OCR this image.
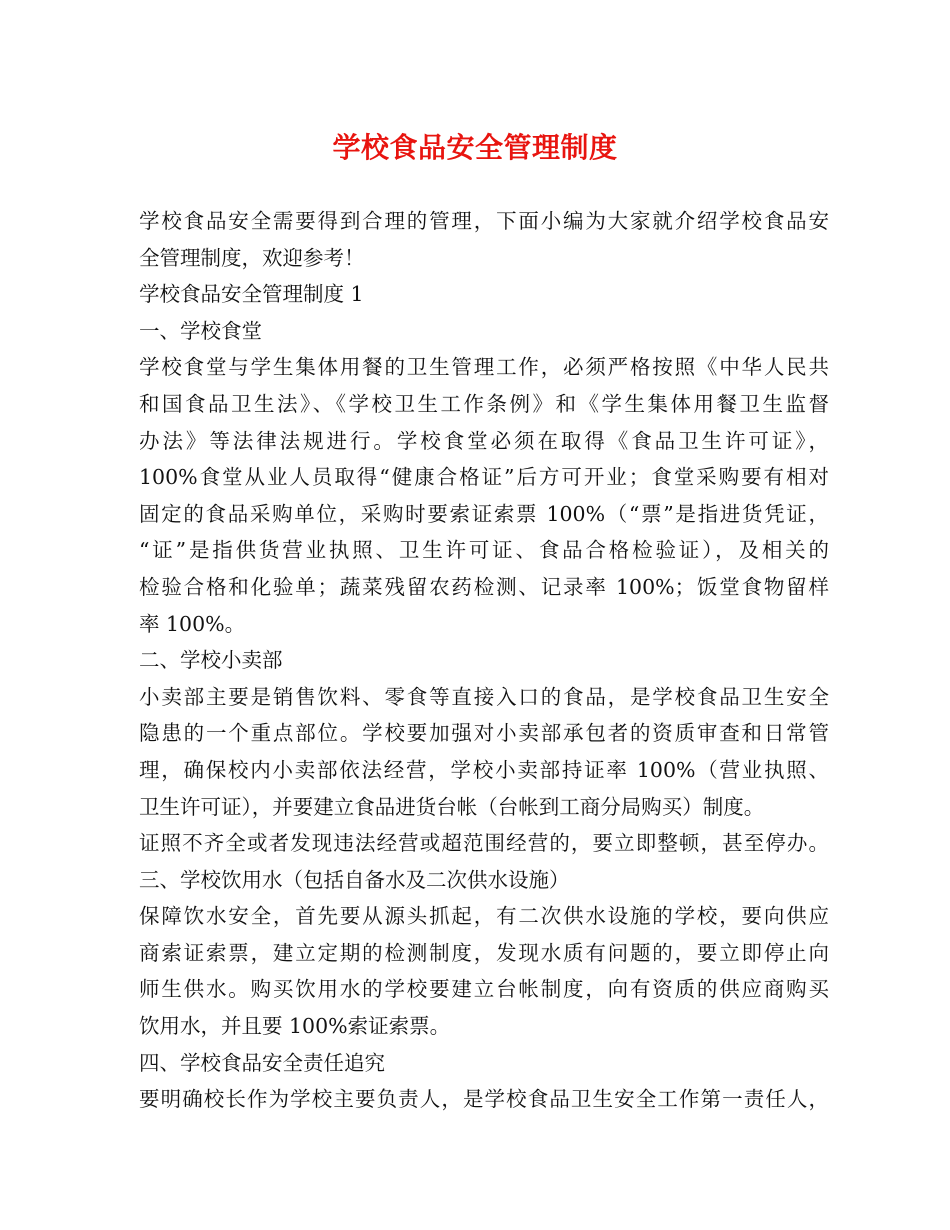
学校食品安全管理制度
学校食品安全需要得到合理的管理，下面小编为大家就介绍学校食品安
全管理制度，欢迎参考！
学校食品安全管理制度 1
一、学校食堂
学校食堂与学生集体用餐的卫生管理工作，必须严格按照《中华人民共
和国食品卫生法》、《学校卫生工作条例》和《学生集体用餐卫生监督
办法》等法律法规进行。学校食堂必须在取得《食品卫生许可证》，
100%食堂从业人员取得“健康合格证”后方可开业；食堂采购要有相对
固定的食品采购单位，采购时要索证索票 100%（“票”是指进货凭证，
“证”是指供货营业执照、卫生许可证、食品合格检验证），及相关的
检验合格和化验单；蔬菜残留农药检测、记录率 100%；饭堂食物留样
率 100%。
二、学校小卖部
小卖部主要是销售饮料、零食等直接入口的食品，是学校食品卫生安全
隐患的一个重点部位。学校要加强对小卖部承包者的资质审查和日常管
理，确保校内小卖部依法经营，学校小卖部持证率 100%（营业执照、
卫生许可证），并要建立食品进货台帐（台帐到工商分局购买）制度。
证照不齐全或者发现违法经营或超范围经营的，要立即整顿，甚至停办。
三、学校饮用水（包括自备水及二次供水设施）
保障饮水安全，首先要从源头抓起，有二次供水设施的学校，要向供应
商索证索票，建立定期的检测制度，发现水质有问题的，要立即停止向
师生供水。购买饮用水的学校要建立台帐制度，向有资质的供应商购买
饮用水，并且要 100%索证索票。
四、学校食品安全责任追究
要明确校长作为学校主要负责人，是学校食品卫生安全工作第一责任人，
